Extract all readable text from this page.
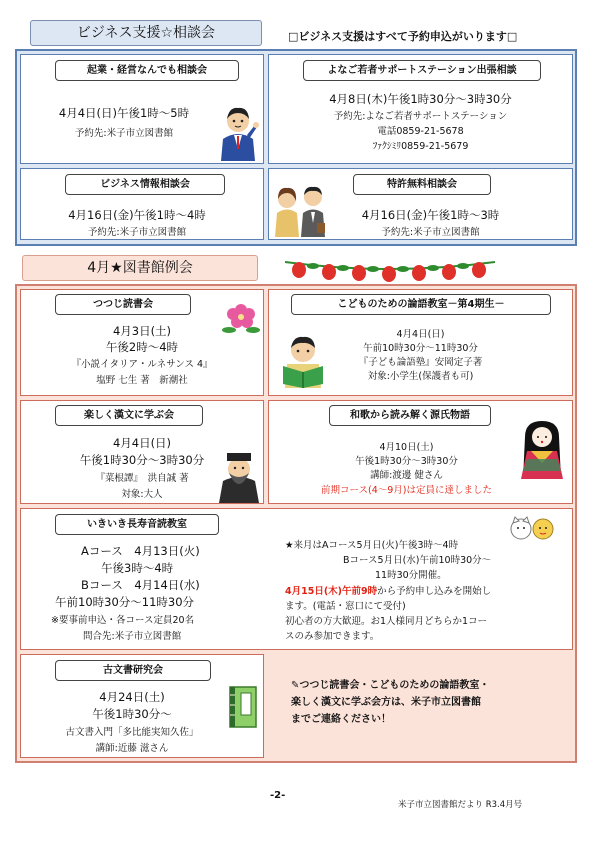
ビジネス支援☆相談会	□ビジネス支援はすべて予約申込がいります□
起業・経営なんでも相談会
4月4日(日)午後1時～5時
予約先:米子市立図書館
よなご若者サポートステーション出張相談
4月8日(木)午後1時30分～3時30分
予約先:よなご若者サポートステーション
電話0859-21-5678
ﾌｧｸｼﾐﾘ0859-21-5679
ビジネス情報相談会
4月16日(金)午後1時～4時
予約先:米子市立図書館
特許無料相談会
4月16日(金)午後1時～3時
予約先:米子市立図書館
4月★図書館例会
つつじ読書会
4月3日(土)
午後2時～4時
『小説イタリア・ルネサンス 4』
塩野 七生 著　新潮社
こどものための論語教室－第4期生－
4月4日(日)
午前10時30分～11時30分
『子ども論語塾』安岡定子著
対象:小学生(保護者も可)
楽しく漢文に学ぶ会
4月4日(日)
午後1時30分～3時30分
『菜根譚』　洪自誠 著
対象:大人
和歌から読み解く源氏物語
4月10日(土)
午後1時30分～3時30分
講師:渡邊 健さん
前期コース(4～9月)は定員に達しました
いきいき長寿音読教室
Aコース　4月13日(火)
午後3時～4時
Bコース　4月14日(水)
午前10時30分～11時30分
※要事前申込・各コース定員20名
問合先:米子市立図書館
★来月はAコース5月日(火)午後3時～4時
Bコース5月日(水)午前10時30分～
11時30分開催。
4月15日(木)午前9時から予約申し込みを開始し
ます。(電話・窓口にて受付)
初心者の方大歓迎。お1人様同月どちらか1コー
スのみ参加できます。
古文書研究会
4月24日(土)
午後1時30分～
古文書入門「多比能実知久佐」
講師:近藤 滋さん
✎つつじ読書会・こどものための論語教室・
楽しく漢文に学ぶ会方は、米子市立図書館
までご連絡ください！
-2-
米子市立図書館だより R3.4月号
